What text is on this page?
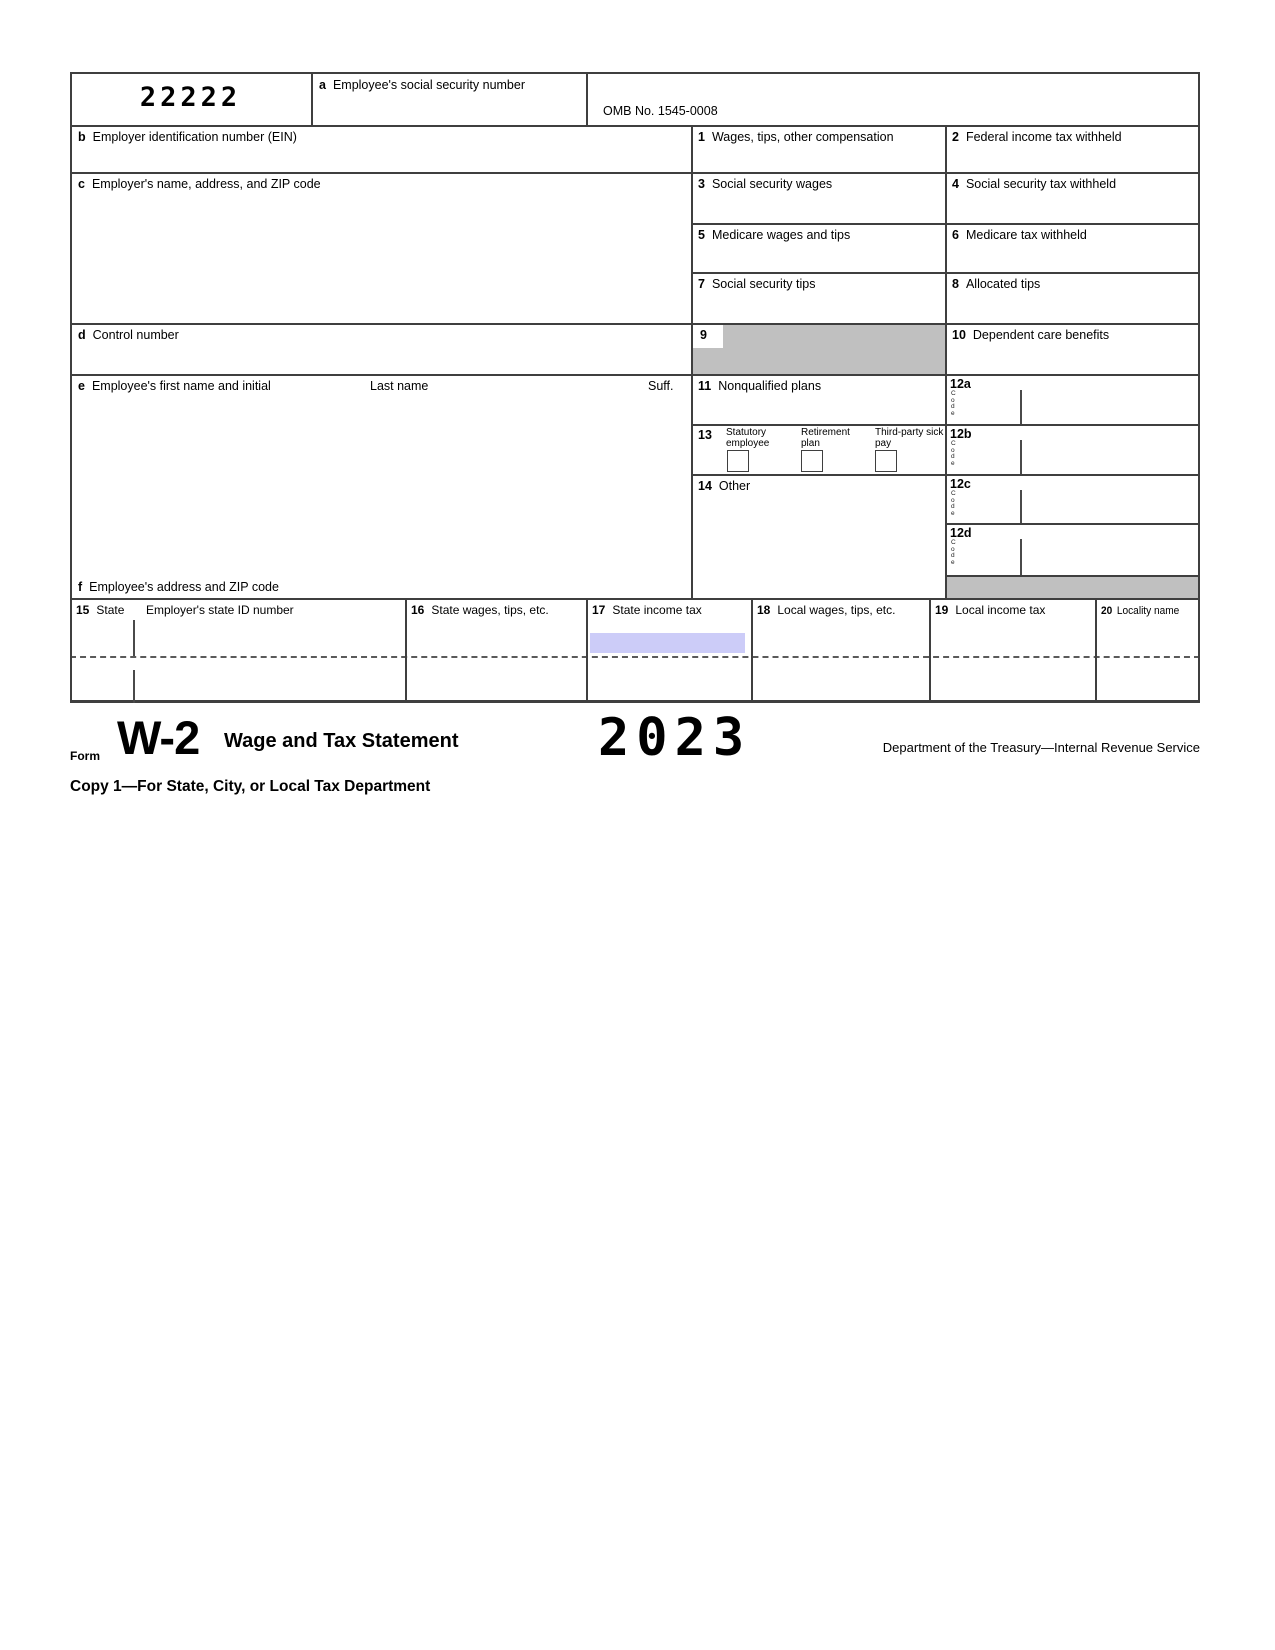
22222	a Employee's social security number
OMB No. 1545-0008
b Employer identification number (EIN)
c Employer's name, address, and ZIP code
d Control number
e Employee's first name and initial	Last name	Suff.
f Employee's address and ZIP code
1 Wages, tips, other compensation
3 Social security wages
5 Medicare wages and tips
7 Social security tips
9
11 Nonqualified plans
13	Statutory employee
Retirement plan
Third-party sick pay
14 Other
2 Federal income tax withheld
4 Social security tax withheld
6 Medicare tax withheld
8 Allocated tips
10 Dependent care benefits
12a
Code
12b
Code
12c
Code
12d
Code
15 State Employer's state ID number	16 State wages, tips, etc.	17 State income tax	18 Local wages, tips, etc.	19 Local income tax	20 Locality name
Form W-2 Wage and Tax Statement	2023	Department of the Treasury—Internal Revenue Service
Copy 1—For State, City, or Local Tax Department
